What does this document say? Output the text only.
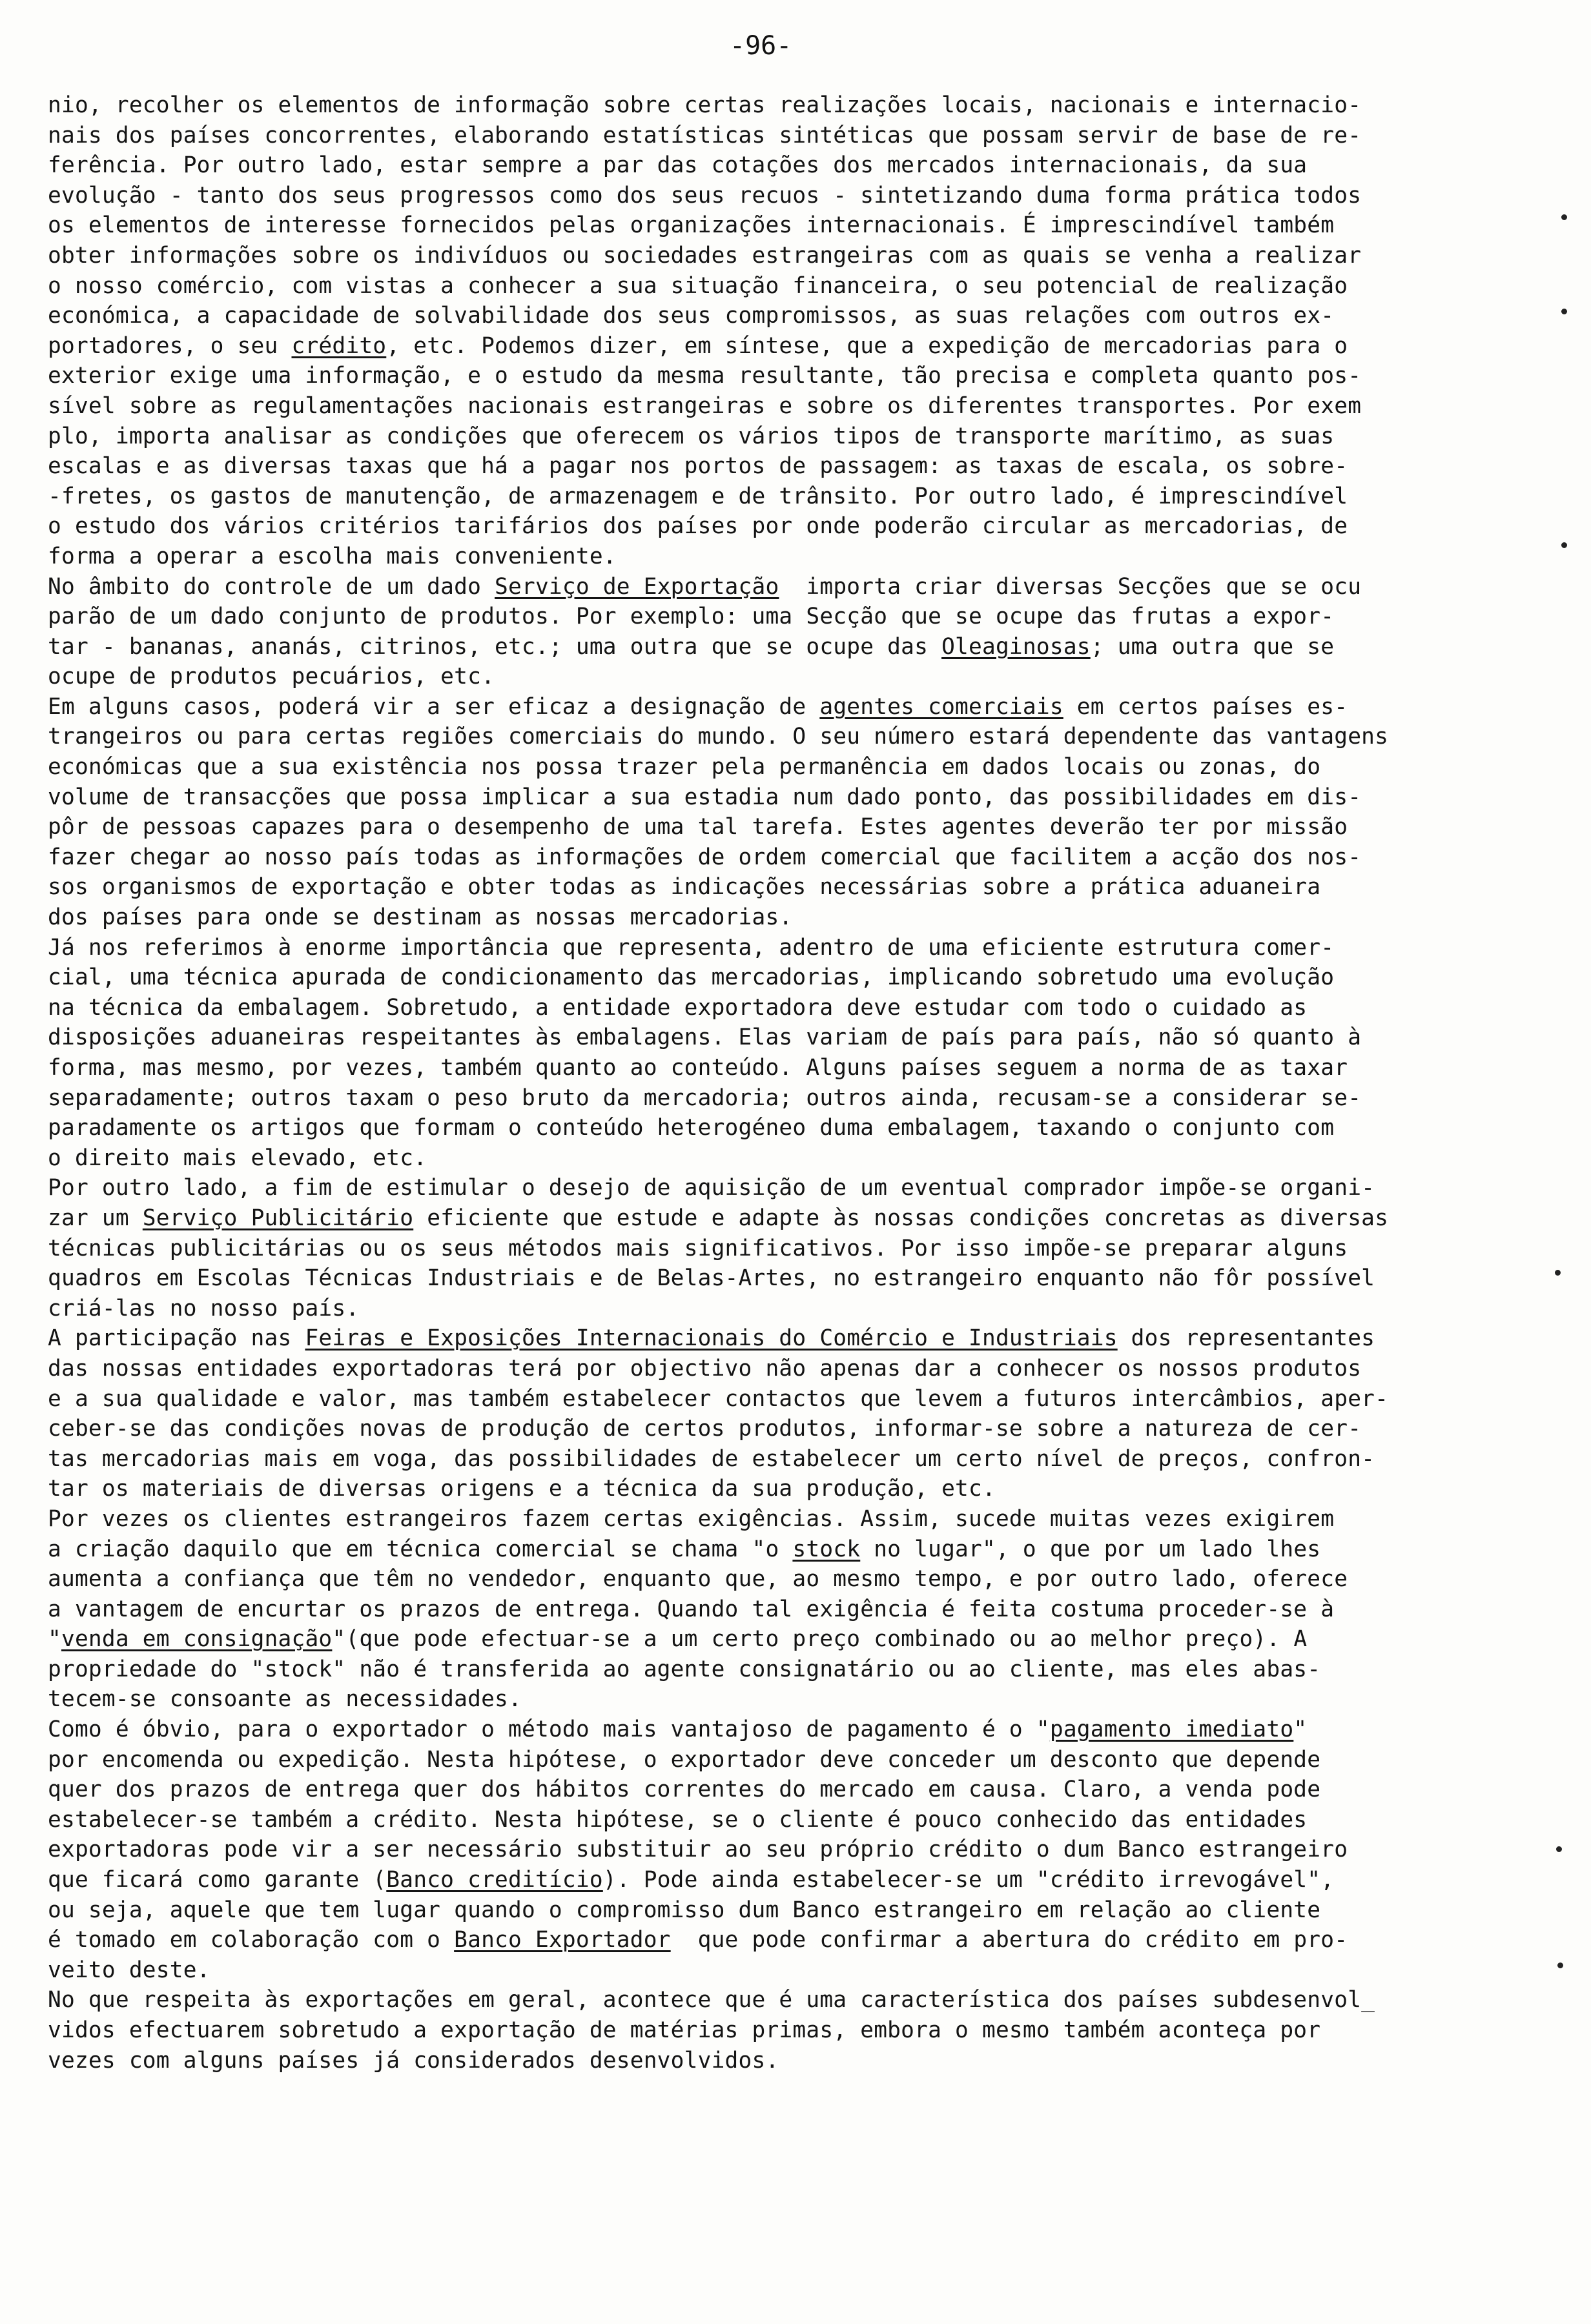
-96-
nio, recolher os elementos de informação sobre certas realizações locais, nacionais e internacio-
nais dos países concorrentes, elaborando estatísticas sintéticas que possam servir de base de re-
ferência. Por outro lado, estar sempre a par das cotações dos mercados internacionais, da sua
evolução - tanto dos seus progressos como dos seus recuos - sintetizando duma forma prática todos
os elementos de interesse fornecidos pelas organizações internacionais. É imprescindível também
obter informações sobre os indivíduos ou sociedades estrangeiras com as quais se venha a realizar
o nosso comércio, com vistas a conhecer a sua situação financeira, o seu potencial de realização
económica, a capacidade de solvabilidade dos seus compromissos, as suas relações com outros ex-
portadores, o seu crédito, etc. Podemos dizer, em síntese, que a expedição de mercadorias para o
exterior exige uma informação, e o estudo da mesma resultante, tão precisa e completa quanto pos-
sível sobre as regulamentações nacionais estrangeiras e sobre os diferentes transportes. Por exem
plo, importa analisar as condições que oferecem os vários tipos de transporte marítimo, as suas
escalas e as diversas taxas que há a pagar nos portos de passagem: as taxas de escala, os sobre-
-fretes, os gastos de manutenção, de armazenagem e de trânsito. Por outro lado, é imprescindível
o estudo dos vários critérios tarifários dos países por onde poderão circular as mercadorias, de
forma a operar a escolha mais conveniente.
No âmbito do controle de um dado Serviço de Exportação  importa criar diversas Secções que se ocu
parão de um dado conjunto de produtos. Por exemplo: uma Secção que se ocupe das frutas a expor-
tar - bananas, ananás, citrinos, etc.; uma outra que se ocupe das Oleaginosas; uma outra que se
ocupe de produtos pecuários, etc.
Em alguns casos, poderá vir a ser eficaz a designação de agentes comerciais em certos países es-
trangeiros ou para certas regiões comerciais do mundo. O seu número estará dependente das vantagens
económicas que a sua existência nos possa trazer pela permanência em dados locais ou zonas, do
volume de transacções que possa implicar a sua estadia num dado ponto, das possibilidades em dis-
pôr de pessoas capazes para o desempenho de uma tal tarefa. Estes agentes deverão ter por missão
fazer chegar ao nosso país todas as informações de ordem comercial que facilitem a acção dos nos-
sos organismos de exportação e obter todas as indicações necessárias sobre a prática aduaneira
dos países para onde se destinam as nossas mercadorias.
Já nos referimos à enorme importância que representa, adentro de uma eficiente estrutura comer-
cial, uma técnica apurada de condicionamento das mercadorias, implicando sobretudo uma evolução
na técnica da embalagem. Sobretudo, a entidade exportadora deve estudar com todo o cuidado as
disposições aduaneiras respeitantes às embalagens. Elas variam de país para país, não só quanto à
forma, mas mesmo, por vezes, também quanto ao conteúdo. Alguns países seguem a norma de as taxar
separadamente; outros taxam o peso bruto da mercadoria; outros ainda, recusam-se a considerar se-
paradamente os artigos que formam o conteúdo heterogéneo duma embalagem, taxando o conjunto com
o direito mais elevado, etc.
Por outro lado, a fim de estimular o desejo de aquisição de um eventual comprador impõe-se organi-
zar um Serviço Publicitário eficiente que estude e adapte às nossas condições concretas as diversas
técnicas publicitárias ou os seus métodos mais significativos. Por isso impõe-se preparar alguns
quadros em Escolas Técnicas Industriais e de Belas-Artes, no estrangeiro enquanto não fôr possível
criá-las no nosso país.
A participação nas Feiras e Exposições Internacionais do Comércio e Industriais dos representantes
das nossas entidades exportadoras terá por objectivo não apenas dar a conhecer os nossos produtos
e a sua qualidade e valor, mas também estabelecer contactos que levem a futuros intercâmbios, aper-
ceber-se das condições novas de produção de certos produtos, informar-se sobre a natureza de cer-
tas mercadorias mais em voga, das possibilidades de estabelecer um certo nível de preços, confron-
tar os materiais de diversas origens e a técnica da sua produção, etc.
Por vezes os clientes estrangeiros fazem certas exigências. Assim, sucede muitas vezes exigirem
a criação daquilo que em técnica comercial se chama "o stock no lugar", o que por um lado lhes
aumenta a confiança que têm no vendedor, enquanto que, ao mesmo tempo, e por outro lado, oferece
a vantagem de encurtar os prazos de entrega. Quando tal exigência é feita costuma proceder-se à
"venda em consignação"(que pode efectuar-se a um certo preço combinado ou ao melhor preço). A
propriedade do "stock" não é transferida ao agente consignatário ou ao cliente, mas eles abas-
tecem-se consoante as necessidades.
Como é óbvio, para o exportador o método mais vantajoso de pagamento é o "pagamento imediato"
por encomenda ou expedição. Nesta hipótese, o exportador deve conceder um desconto que depende
quer dos prazos de entrega quer dos hábitos correntes do mercado em causa. Claro, a venda pode
estabelecer-se também a crédito. Nesta hipótese, se o cliente é pouco conhecido das entidades
exportadoras pode vir a ser necessário substituir ao seu próprio crédito o dum Banco estrangeiro
que ficará como garante (Banco creditício). Pode ainda estabelecer-se um "crédito irrevogável",
ou seja, aquele que tem lugar quando o compromisso dum Banco estrangeiro em relação ao cliente
é tomado em colaboração com o Banco Exportador  que pode confirmar a abertura do crédito em pro-
veito deste.
No que respeita às exportações em geral, acontece que é uma característica dos países subdesenvol_
vidos efectuarem sobretudo a exportação de matérias primas, embora o mesmo também aconteça por
vezes com alguns países já considerados desenvolvidos.
